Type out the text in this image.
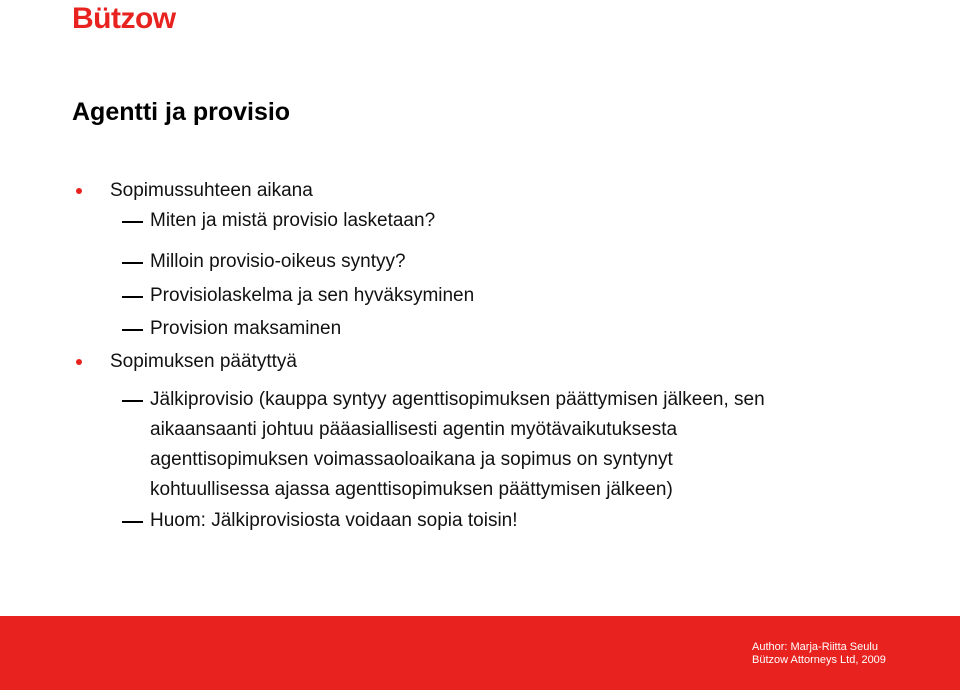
Bützow
Agentti ja provisio
Sopimussuhteen aikana
Miten ja mistä provisio lasketaan?
Milloin provisio-oikeus syntyy?
Provisiolaskelma ja sen hyväksyminen
Provision maksaminen
Sopimuksen päätyttyä
Jälkiprovisio (kauppa syntyy agenttisopimuksen päättymisen jälkeen, sen
aikaansaanti johtuu pääasiallisesti agentin myötävaikutuksesta
agenttisopimuksen voimassaoloaikana ja sopimus on syntynyt
kohtuullisessa ajassa agenttisopimuksen päättymisen jälkeen)
Huom: Jälkiprovisiosta voidaan sopia toisin!
Author: Marja-Riitta Seulu
Bützow Attorneys Ltd, 2009
